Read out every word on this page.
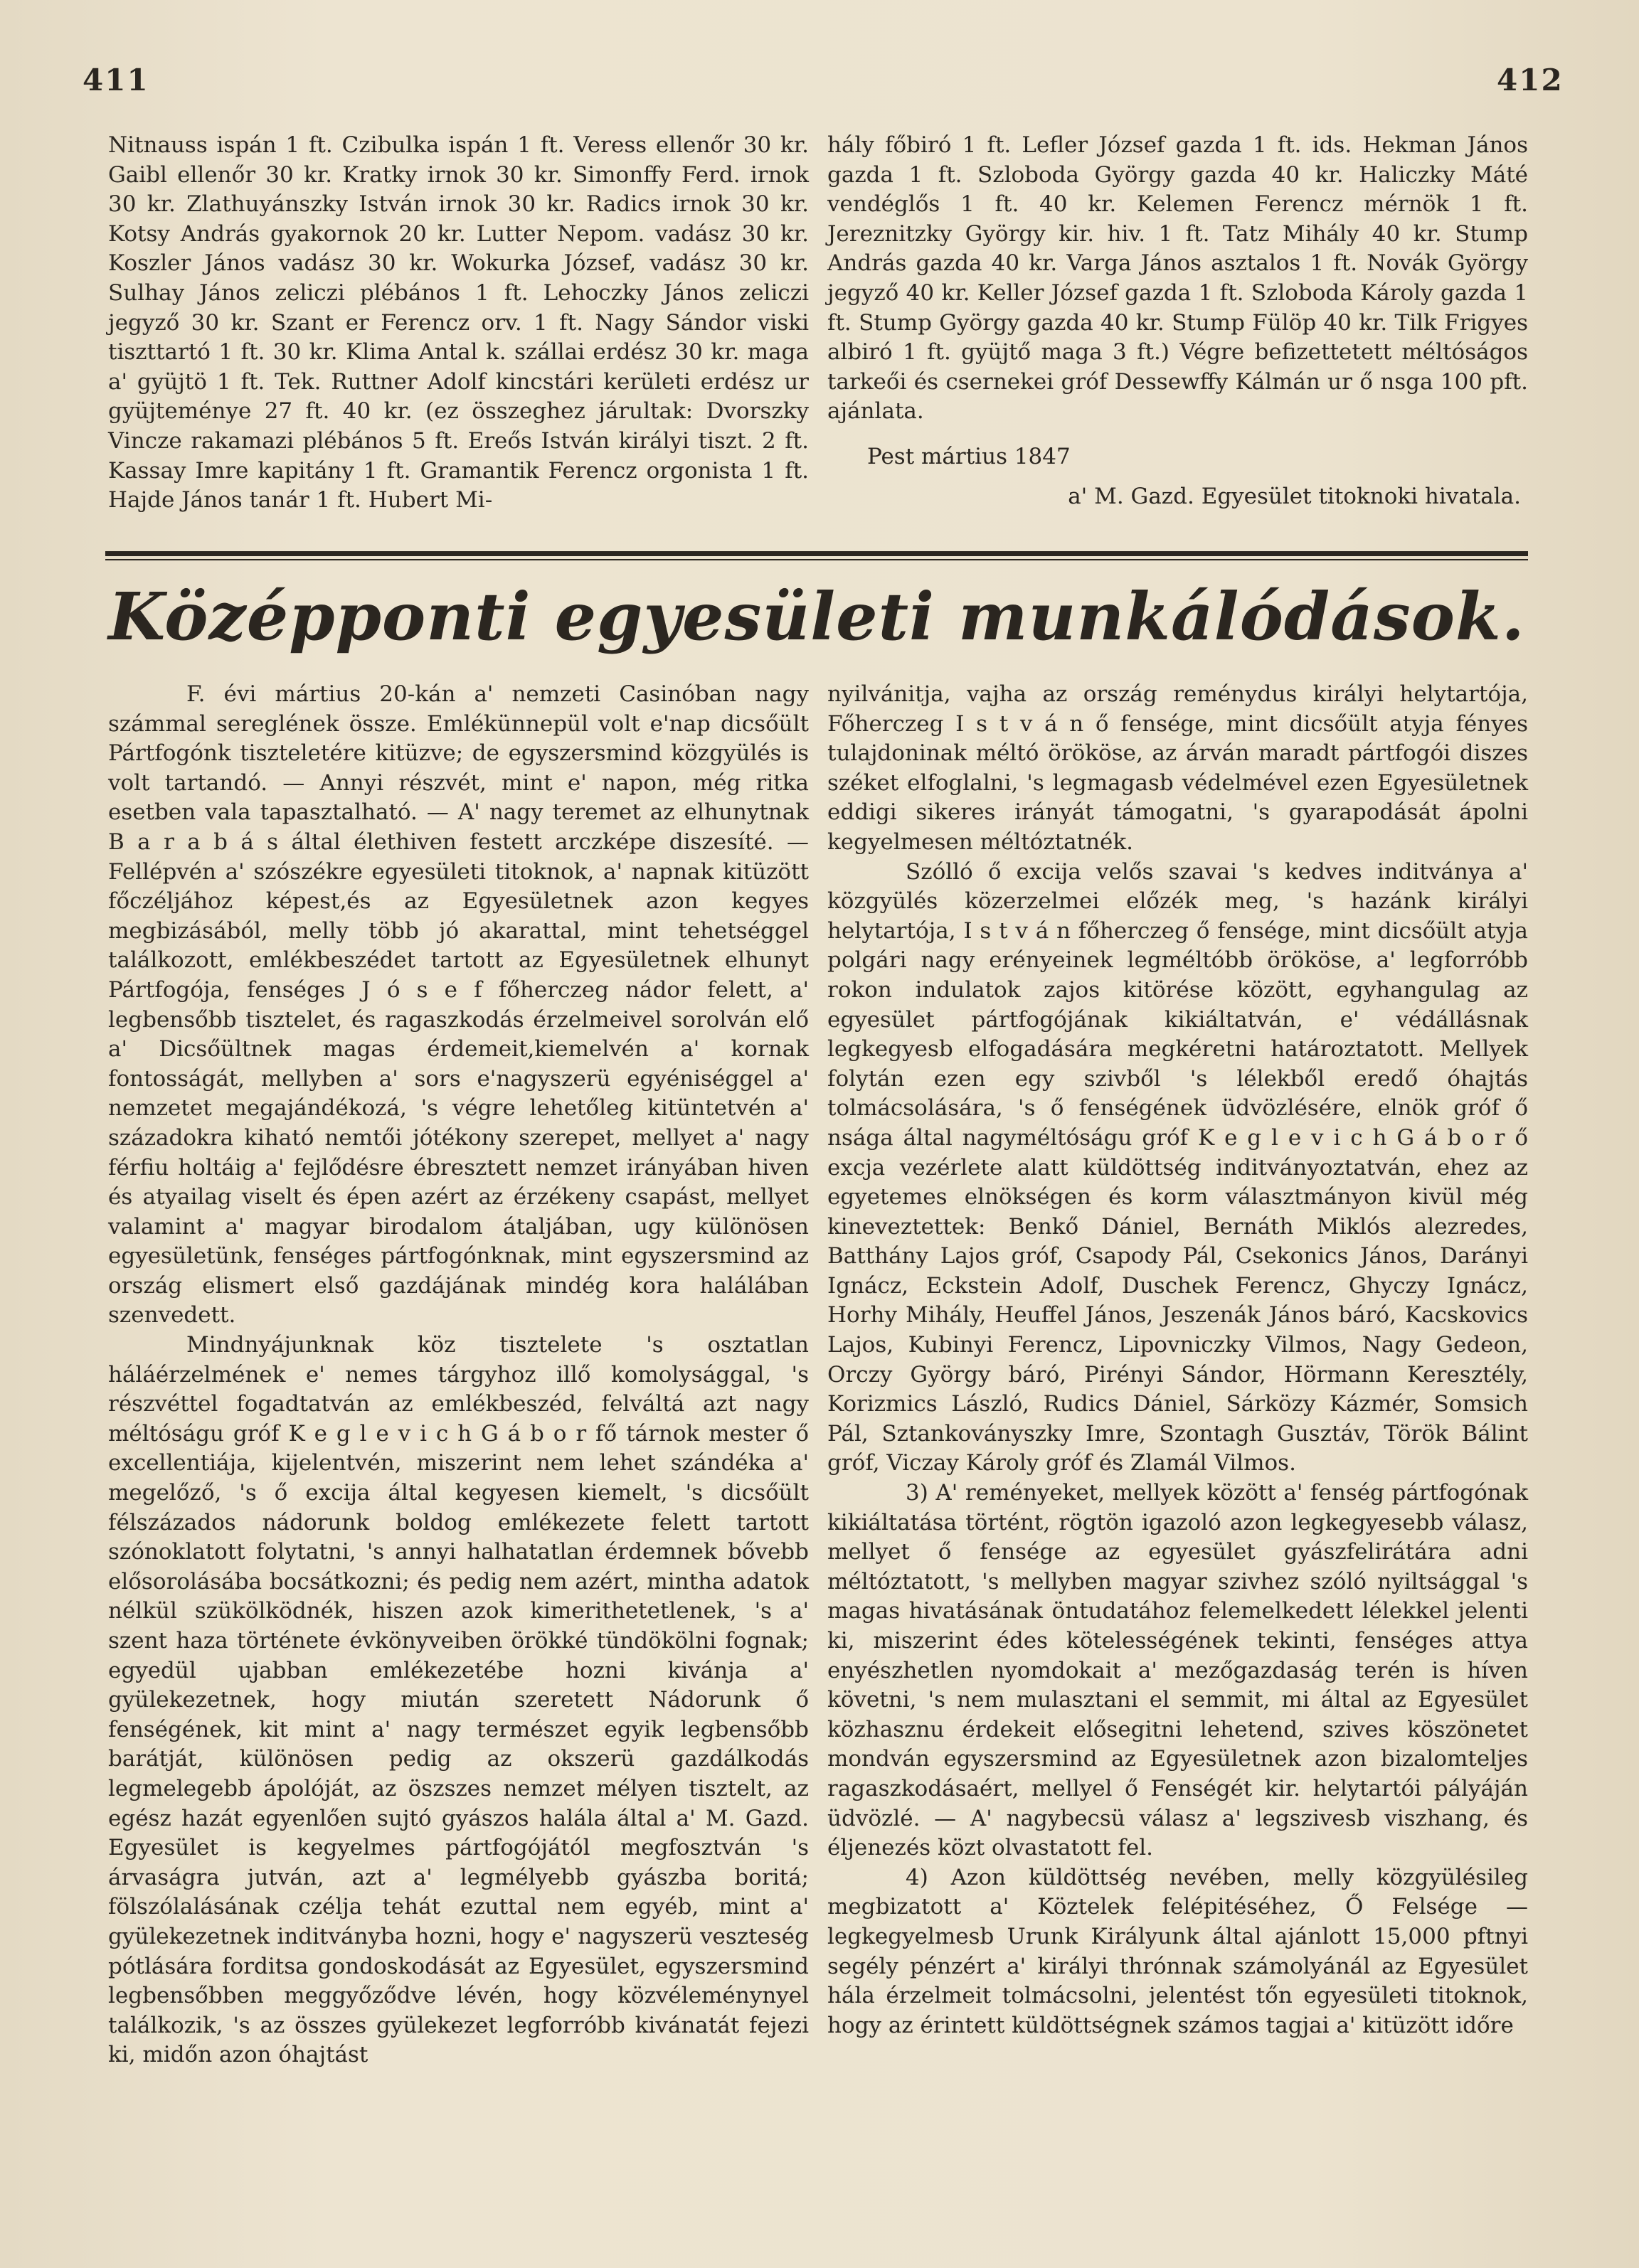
411	412

Nitnauss ispán 1 ft. Czibulka ispán 1 ft. Veress ellenőr 30 kr. Gaibl ellenőr 30 kr. Kratky irnok 30 kr. Simonffy Ferd. irnok 30 kr. Zlathuyánszky István irnok 30 kr. Radics irnok 30 kr. Kotsy András gyakornok 20 kr. Lutter Nepom. vadász 30 kr. Koszler János vadász 30 kr. Wokurka József, vadász 30 kr. Sulhay János zeliczi plébános 1 ft. Lehoczky János zeliczi jegyző 30 kr. Szant er Ferencz orv. 1 ft. Nagy Sándor viski tiszttartó 1 ft. 30 kr. Klima Antal k. szállai erdész 30 kr. maga a' gyüjtö 1 ft. Tek. Ruttner Adolf kincstári kerületi erdész ur gyüjteménye 27 ft. 40 kr. (ez összeghez járultak: Dvorszky Vincze rakamazi plébános 5 ft. Ereős István királyi tiszt. 2 ft. Kassay Imre kapitány 1 ft. Gramantik Ferencz orgonista 1 ft. Hajde János tanár 1 ft. Hubert Mi-

hály főbiró 1 ft. Lefler József gazda 1 ft. ids. Hekman János gazda 1 ft. Szloboda György gazda 40 kr. Haliczky Máté vendéglős 1 ft. 40 kr. Kelemen Ferencz mérnök 1 ft. Jereznitzky György kir. hiv. 1 ft. Tatz Mihály 40 kr. Stump András gazda 40 kr. Varga János asztalos 1 ft. Novák György jegyző 40 kr. Keller József gazda 1 ft. Szloboda Károly gazda 1 ft. Stump György gazda 40 kr. Stump Fülöp 40 kr. Tilk Frigyes albiró 1 ft. gyüjtő maga 3 ft.) Végre befizettetett méltóságos tarkeői és csernekei gróf Dessewffy Kálmán ur ő nsga 100 pft. ajánlata.

Pest mártius 1847

a' M. Gazd. Egyesület titoknoki hivatala.

Középponti egyesületi munkálódások.

F. évi mártius 20-kán a' nemzeti Casinóban nagy számmal sereglének össze. Emlékünnepül volt e'nap dicsőült Pártfogónk tiszteletére kitüzve; de egyszersmind közgyülés is volt tartandó. — Annyi részvét, mint e' napon, még ritka esetben vala tapasztalható. — A' nagy teremet az elhunytnak B a r a b á s által élethiven festett arczképe diszesíté. — Fellépvén a' szószékre egyesületi titoknok, a' napnak kitüzött főczéljához képest,és az Egyesületnek azon kegyes megbizásából, melly több jó akarattal, mint tehetséggel találkozott, emlékbeszédet tartott az Egyesületnek elhunyt Pártfogója, fenséges J ó s e f főherczeg nádor felett, a' legbensőbb tisztelet, és ragaszkodás érzelmeivel sorolván elő a' Dicsőültnek magas érdemeit,kiemelvén a' kornak fontosságát, mellyben a' sors e'nagyszerü egyéniséggel a' nemzetet megajándékozá, 's végre lehetőleg kitüntetvén a' századokra kiható nemtői jótékony szerepet, mellyet a' nagy férfiu holtáig a' fejlődésre ébresztett nemzet irányában hiven és atyailag viselt és épen azért az érzékeny csapást, mellyet valamint a' magyar birodalom átaljában, ugy különösen egyesületünk, fenséges pártfogónknak, mint egyszersmind az ország elismert első gazdájának mindég kora halálában szenvedett.

Mindnyájunknak köz tisztelete 's osztatlan háláérzelmének e' nemes tárgyhoz illő komolysággal, 's részvéttel fogadtatván az emlékbeszéd, felváltá azt nagy méltóságu gróf K e g l e v i c h G á b o r fő tárnok mester ő excellentiája, kijelentvén, miszerint nem lehet szándéka a' megelőző, 's ő excija által kegyesen kiemelt, 's dicsőült félszázados nádorunk boldog emlékezete felett tartott szónoklatott folytatni, 's annyi halhatatlan érdemnek bővebb elősorolásába bocsátkozni; és pedig nem azért, mintha adatok nélkül szükölködnék, hiszen azok kimerithetetlenek, 's a' szent haza története évkönyveiben örökké tündökölni fognak; egyedül ujabban emlékezetébe hozni kivánja a' gyülekezetnek, hogy miután szeretett Nádorunk ő fenségének, kit mint a' nagy természet egyik legbensőbb barátját, különösen pedig az okszerü gazdálkodás legmelegebb ápolóját, az öszszes nemzet mélyen tisztelt, az egész hazát egyenlően sujtó gyászos halála által a' M. Gazd. Egyesület is kegyelmes pártfogójától megfosztván 's árvaságra jutván, azt a' legmélyebb gyászba boritá; fölszólalásának czélja tehát ezuttal nem egyéb, mint a' gyülekezetnek inditványba hozni, hogy e' nagyszerü veszteség pótlására forditsa gondoskodását az Egyesület, egyszersmind legbensőbben meggyőződve lévén, hogy közvéleménynyel találkozik, 's az összes gyülekezet legforróbb kivánatát fejezi ki, midőn azon óhajtást

nyilvánitja, vajha az ország reménydus királyi helytartója, Főherczeg I s t v á n ő fensége, mint dicsőült atyja fényes tulajdoninak méltó örököse, az árván maradt pártfogói diszes széket elfoglalni, 's legmagasb védelmével ezen Egyesületnek eddigi sikeres irányát támogatni, 's gyarapodását ápolni kegyelmesen méltóztatnék.

Szólló ő excija velős szavai 's kedves inditványa a' közgyülés közerzelmei előzék meg, 's hazánk királyi helytartója, I s t v á n főherczeg ő fensége, mint dicsőült atyja polgári nagy erényeinek legméltóbb örököse, a' legforróbb rokon indulatok zajos kitörése között, egyhangulag az egyesület pártfogójának kikiáltatván, e' védállásnak legkegyesb elfogadására megkéretni határoztatott. Mellyek folytán ezen egy szivből 's lélekből eredő óhajtás tolmácsolására, 's ő fenségének üdvözlésére, elnök gróf ő nsága által nagyméltóságu gróf K e g l e v i c h G á b o r ő excja vezérlete alatt küldöttség inditványoztatván, ehez az egyetemes elnökségen és korm választmányon kivül még kineveztettek: Benkő Dániel, Bernáth Miklós alezredes, Batthány Lajos gróf, Csapody Pál, Csekonics János, Darányi Ignácz, Eckstein Adolf, Duschek Ferencz, Ghyczy Ignácz, Horhy Mihály, Heuffel János, Jeszenák János báró, Kacskovics Lajos, Kubinyi Ferencz, Lipovniczky Vilmos, Nagy Gedeon, Orczy György báró, Pirényi Sándor, Hörmann Keresztély, Korizmics László, Rudics Dániel, Sárközy Kázmér, Somsich Pál, Sztankoványszky Imre, Szontagh Gusztáv, Török Bálint gróf, Viczay Károly gróf és Zlamál Vilmos.

3) A' reményeket, mellyek között a' fenség pártfogónak kikiáltatása történt, rögtön igazoló azon legkegyesebb válasz, mellyet ő fensége az egyesület gyászfelirátára adni méltóztatott, 's mellyben magyar szivhez szóló nyiltsággal 's magas hivatásának öntudatához felemelkedett lélekkel jelenti ki, miszerint édes kötelességének tekinti, fenséges attya enyészhetlen nyomdokait a' mezőgazdaság terén is híven követni, 's nem mulasztani el semmit, mi által az Egyesület közhasznu érdekeit elősegitni lehetend, szives köszönetet mondván egyszersmind az Egyesületnek azon bizalomteljes ragaszkodásaért, mellyel ő Fenségét kir. helytartói pályáján üdvözlé. — A' nagybecsü válasz a' legszivesb viszhang, és éljenezés közt olvastatott fel.

4) Azon küldöttség nevében, melly közgyülésileg megbizatott a' Köztelek felépitéséhez, Ő Felsége — legkegyelmesb Urunk Királyunk által ajánlott 15,000 pftnyi segély pénzért a' királyi thrónnak számolyánál az Egyesület hála érzelmeit tolmácsolni, jelentést tőn egyesületi titoknok, hogy az érintett küldöttségnek számos tagjai a' kitüzött időre
